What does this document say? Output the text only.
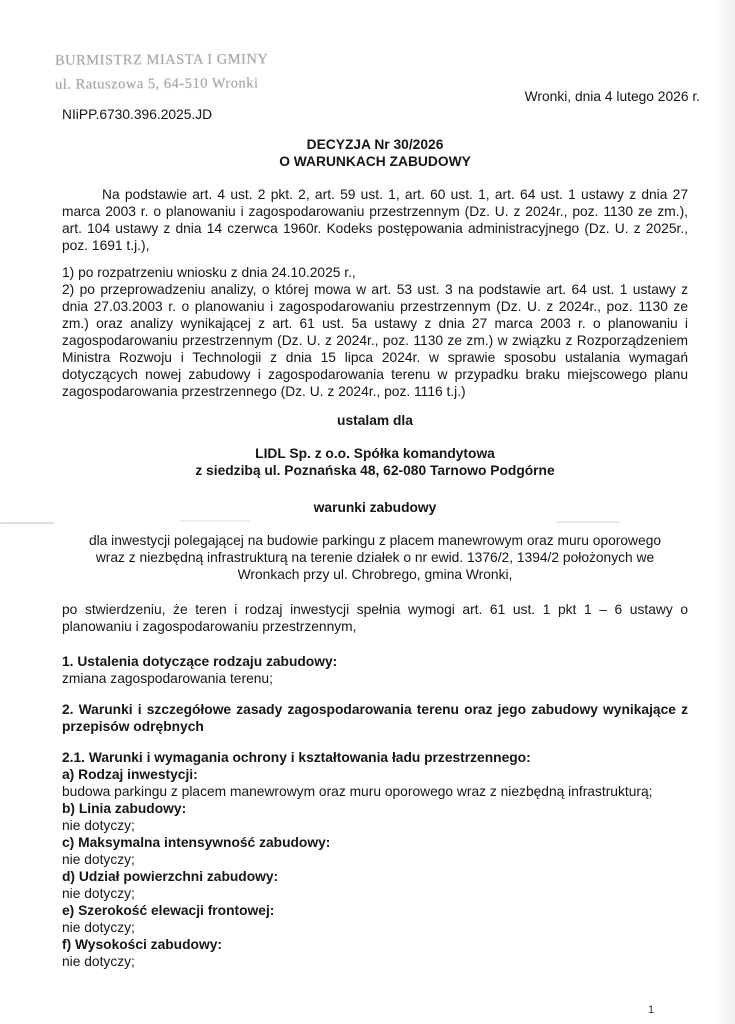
BURMISTRZ MIASTA I GMINY
ul. Ratuszowa 5, 64-510 Wronki
Wronki, dnia 4 lutego 2026 r.
NIiPP.6730.396.2025.JD
DECYZJA Nr 30/2026
O WARUNKACH ZABUDOWY
Na podstawie art. 4 ust. 2 pkt. 2, art. 59 ust. 1, art. 60 ust. 1, art. 64 ust. 1 ustawy z dnia 27 marca 2003 r. o planowaniu i zagospodarowaniu przestrzennym (Dz. U. z 2024r., poz. 1130 ze zm.), art. 104 ustawy z dnia 14 czerwca 1960r. Kodeks postępowania administracyjnego (Dz. U. z 2025r., poz. 1691 t.j.),
1) po rozpatrzeniu wniosku z dnia 24.10.2025 r.,
2) po przeprowadzeniu analizy, o której mowa w art. 53 ust. 3 na podstawie art. 64 ust. 1 ustawy z dnia 27.03.2003 r. o planowaniu i zagospodarowaniu przestrzennym (Dz. U. z 2024r., poz. 1130 ze zm.) oraz analizy wynikającej z art. 61 ust. 5a ustawy z dnia 27 marca 2003 r. o planowaniu i zagospodarowaniu przestrzennym (Dz. U. z 2024r., poz. 1130 ze zm.) w związku z Rozporządzeniem Ministra Rozwoju i Technologii z dnia 15 lipca 2024r. w sprawie sposobu ustalania wymagań dotyczących nowej zabudowy i zagospodarowania terenu w przypadku braku miejscowego planu zagospodarowania przestrzennego (Dz. U. z 2024r., poz. 1116 t.j.)
ustalam dla
LIDL Sp. z o.o. Spółka komandytowa
z siedzibą ul. Poznańska 48, 62-080 Tarnowo Podgórne
warunki zabudowy
dla inwestycji polegającej na budowie parkingu z placem manewrowym oraz muru oporowego wraz z niezbędną infrastrukturą na terenie działek o nr ewid. 1376/2, 1394/2 położonych we Wronkach przy ul. Chrobrego, gmina Wronki,
po stwierdzeniu, że teren i rodzaj inwestycji spełnia wymogi art. 61 ust. 1 pkt 1 – 6 ustawy o planowaniu i zagospodarowaniu przestrzennym,
1. Ustalenia dotyczące rodzaju zabudowy:
zmiana zagospodarowania terenu;
2. Warunki i szczegółowe zasady zagospodarowania terenu oraz jego zabudowy wynikające z przepisów odrębnych
2.1. Warunki i wymagania ochrony i kształtowania ładu przestrzennego:
a) Rodzaj inwestycji:
budowa parkingu z placem manewrowym oraz muru oporowego wraz z niezbędną infrastrukturą;
b) Linia zabudowy:
nie dotyczy;
c) Maksymalna intensywność zabudowy:
nie dotyczy;
d) Udział powierzchni zabudowy:
nie dotyczy;
e) Szerokość elewacji frontowej:
nie dotyczy;
f) Wysokości zabudowy:
nie dotyczy;
1
